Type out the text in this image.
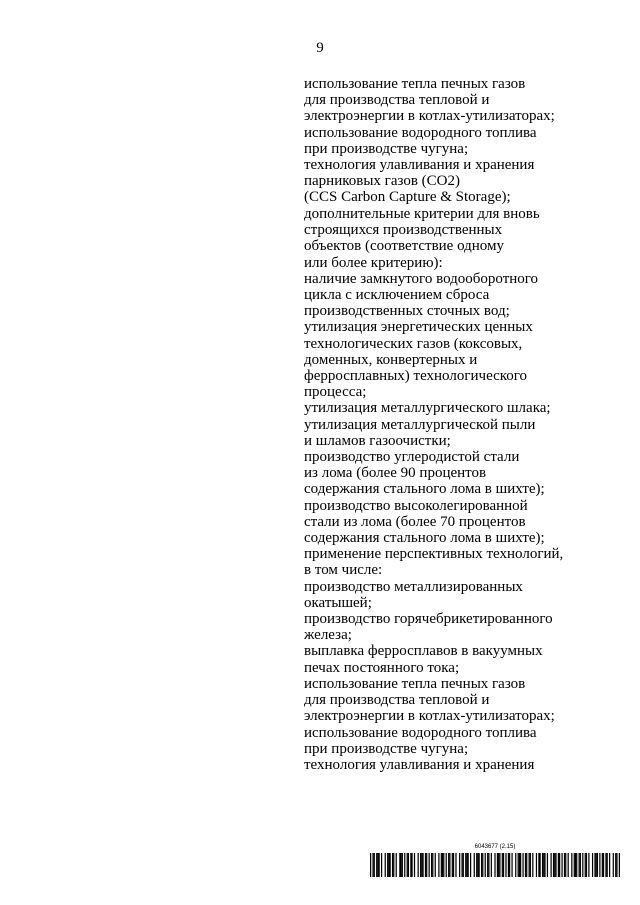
9
использование тепла печных газов
для производства тепловой и
электроэнергии в котлах-утилизаторах;
использование водородного топлива
при производстве чугуна;
технология улавливания и хранения
парниковых газов (CO2)
(CCS Carbon Capture & Storage);
дополнительные критерии для вновь
строящихся производственных
объектов (соответствие одному
или более критерию):
наличие замкнутого водооборотного
цикла с исключением сброса
производственных сточных вод;
утилизация энергетических ценных
технологических газов (коксовых,
доменных, конвертерных и
ферросплавных) технологического
процесса;
утилизация металлургического шлака;
утилизация металлургической пыли
и шламов газоочистки;
производство углеродистой стали
из лома (более 90 процентов
содержания стального лома в шихте);
производство высоколегированной
стали из лома (более 70 процентов
содержания стального лома в шихте);
применение перспективных технологий,
в том числе:
производство металлизированных
окатышей;
производство горячебрикетированного
железа;
выплавка ферросплавов в вакуумных
печах постоянного тока;
использование тепла печных газов
для производства тепловой и
электроэнергии в котлах-утилизаторах;
использование водородного топлива
при производстве чугуна;
технология улавливания и хранения
6043677 (2.15)
